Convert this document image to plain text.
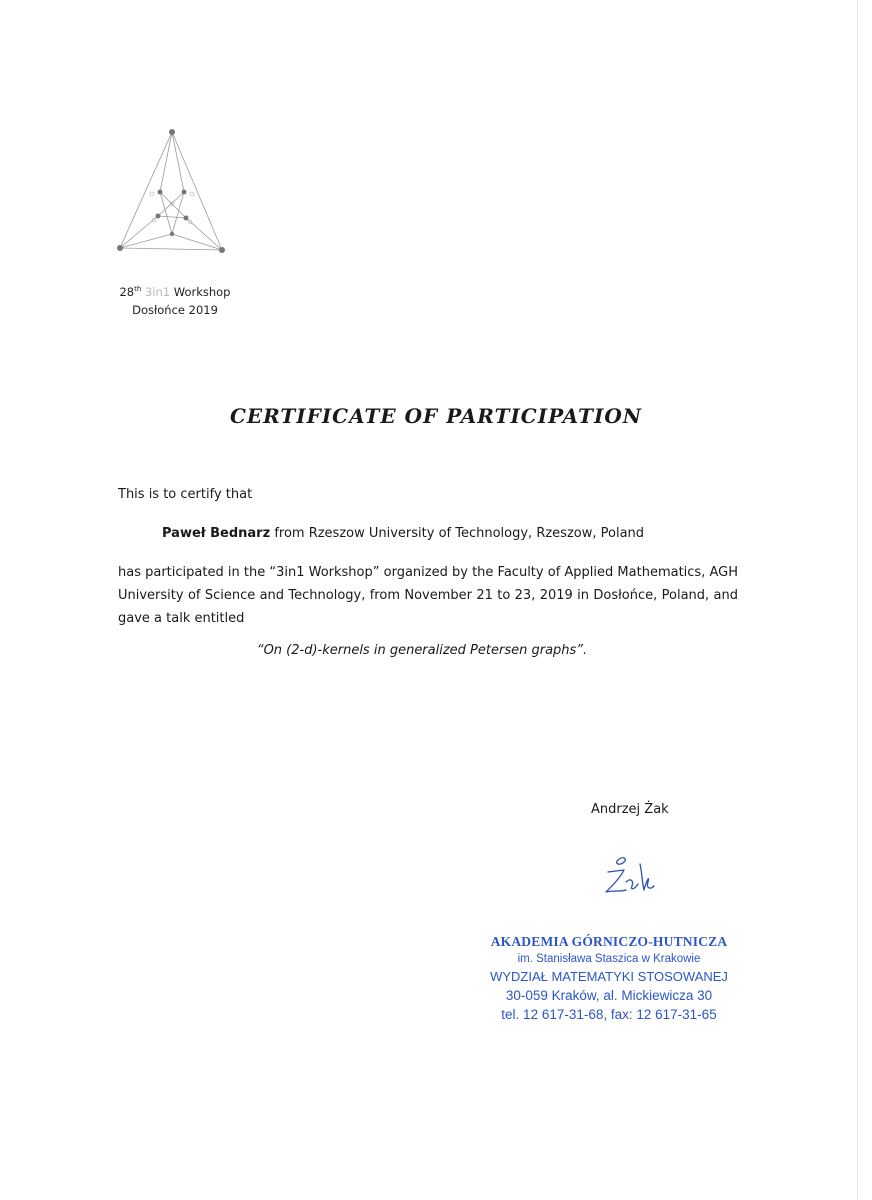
28th 3in1 Workshop
Dosłońce 2019
CERTIFICATE OF PARTICIPATION
This is to certify that
Paweł Bednarz from Rzeszow University of Technology, Rzeszow, Poland
has participated in the “3in1 Workshop” organized by the Faculty of Applied Mathematics, AGH University of Science and Technology, from November 21 to 23, 2019 in Dosłońce, Poland, and gave a talk entitled
“On (2-d)-kernels in generalized Petersen graphs”.
Andrzej Żak
AKADEMIA GÓRNICZO-HUTNICZA
im. Stanisława Staszica w Krakowie
WYDZIAŁ MATEMATYKI STOSOWANEJ
30-059 Kraków, al. Mickiewicza 30
tel. 12 617-31-68, fax: 12 617-31-65
